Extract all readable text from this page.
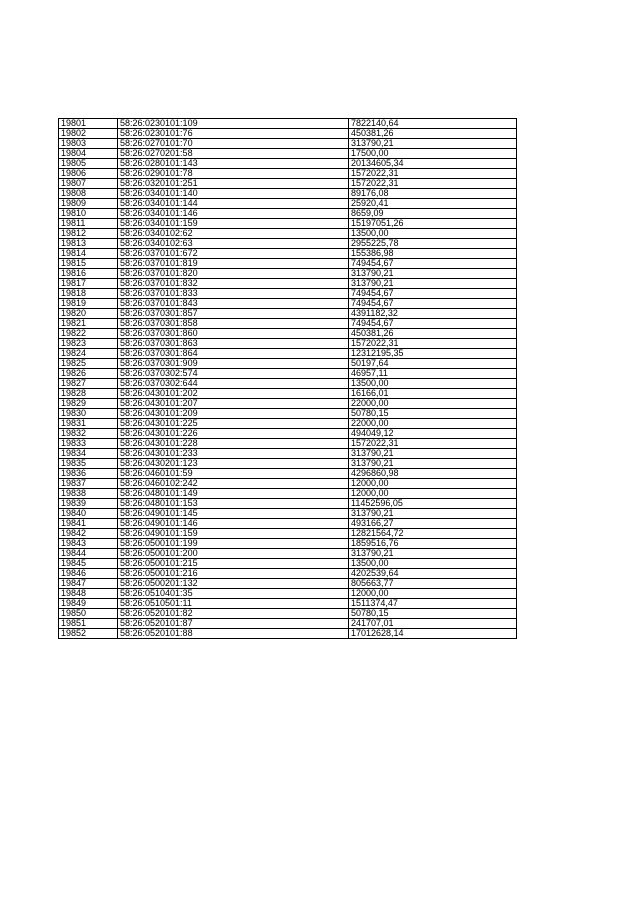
19801	58:26:0230101:109	7822140,64
19802	58:26:0230101:76	450381,26
19803	58:26:0270101:70	313790,21
19804	58:26:0270201:58	17500,00
19805	58:26:0280101:143	20134605,34
19806	58:26:0290101:78	1572022,31
19807	58:26:0320101:251	1572022,31
19808	58:26:0340101:140	89176,08
19809	58:26:0340101:144	25920,41
19810	58:26:0340101:146	8659,09
19811	58:26:0340101:159	15197051,26
19812	58:26:0340102:62	13500,00
19813	58:26:0340102:63	2955225,78
19814	58:26:0370101:672	155386,98
19815	58:26:0370101:819	749454,67
19816	58:26:0370101:820	313790,21
19817	58:26:0370101:832	313790,21
19818	58:26:0370101:833	749454,67
19819	58:26:0370101:843	749454,67
19820	58:26:0370301:857	4391182,32
19821	58:26:0370301:858	749454,67
19822	58:26:0370301:860	450381,26
19823	58:26:0370301:863	1572022,31
19824	58:26:0370301:864	12312195,35
19825	58:26:0370301:909	50197,64
19826	58:26:0370302:574	46957,11
19827	58:26:0370302:644	13500,00
19828	58:26:0430101:202	16166,01
19829	58:26:0430101:207	22000,00
19830	58:26:0430101:209	50780,15
19831	58:26:0430101:225	22000,00
19832	58:26:0430101:226	494049,12
19833	58:26:0430101:228	1572022,31
19834	58:26:0430101:233	313790,21
19835	58:26:0430201:123	313790,21
19836	58:26:0460101:59	4296860,98
19837	58:26:0460102:242	12000,00
19838	58:26:0480101:149	12000,00
19839	58:26:0480101:153	11452596,05
19840	58:26:0490101:145	313790,21
19841	58:26:0490101:146	493166,27
19842	58:26:0490101:159	12821564,72
19843	58:26:0500101:199	1859516,76
19844	58:26:0500101:200	313790,21
19845	58:26:0500101:215	13500,00
19846	58:26:0500101:216	4202539,64
19847	58:26:0500201:132	805663,77
19848	58:26:0510401:35	12000,00
19849	58:26:0510501:11	1511374,47
19850	58:26:0520101:82	50780,15
19851	58:26:0520101:87	241707,01
19852	58:26:0520101:88	17012628,14
